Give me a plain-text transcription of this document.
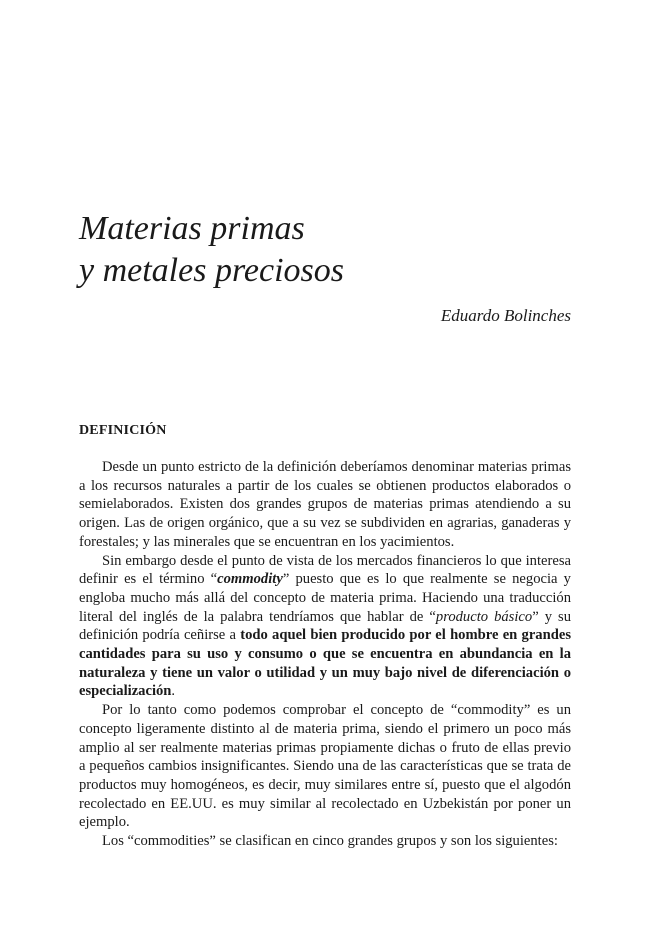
Materias primas
y metales preciosos

Eduardo Bolinches

DEFINICIÓN

Desde un punto estricto de la definición deberíamos denominar materias primas a los recursos naturales a partir de los cuales se obtienen productos elaborados o semielaborados. Existen dos grandes grupos de materias primas atendiendo a su origen. Las de origen orgánico, que a su vez se subdividen en agrarias, ganaderas y forestales; y las minerales que se encuentran en los yacimientos.

Sin embargo desde el punto de vista de los mercados financieros lo que interesa definir es el término “commodity” puesto que es lo que realmente se negocia y engloba mucho más allá del concepto de materia prima. Haciendo una traducción literal del inglés de la palabra tendríamos que hablar de “producto básico” y su definición podría ceñirse a todo aquel bien producido por el hombre en grandes cantidades para su uso y consumo o que se encuentra en abundancia en la naturaleza y tiene un valor o utilidad y un muy bajo nivel de diferenciación o especialización.

Por lo tanto como podemos comprobar el concepto de “commodity” es un concepto ligeramente distinto al de materia prima, siendo el primero un poco más amplio al ser realmente materias primas propiamente dichas o fruto de ellas previo a pequeños cambios insignificantes. Siendo una de las características que se trata de productos muy homogéneos, es decir, muy similares entre sí, puesto que el algodón recolectado en EE.UU. es muy similar al recolectado en Uzbekistán por poner un ejemplo.

Los “commodities” se clasifican en cinco grandes grupos y son los siguientes:
